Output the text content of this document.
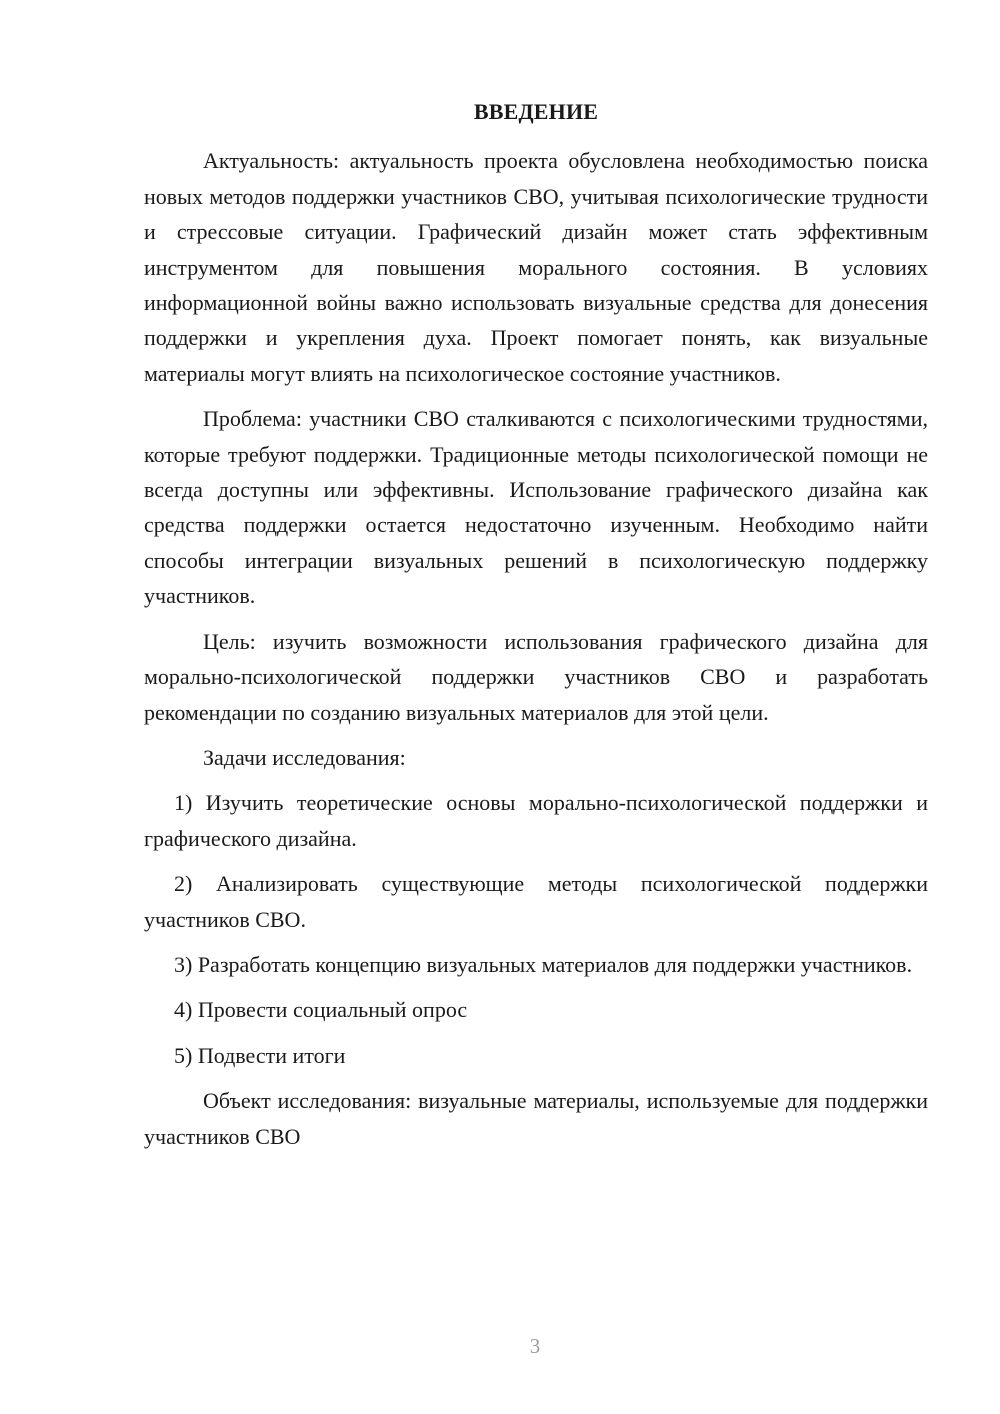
ВВЕДЕНИЕ

Актуальность: актуальность проекта обусловлена необходимостью поиска новых методов поддержки участников СВО, учитывая психологические трудности и стрессовые ситуации. Графический дизайн может стать эффективным инструментом для повышения морального состояния. В условиях информационной войны важно использовать визуальные средства для донесения поддержки и укрепления духа. Проект помогает понять, как визуальные материалы могут влиять на психологическое состояние участников.

Проблема: участники СВО сталкиваются с психологическими трудностями, которые требуют поддержки. Традиционные методы психологической помощи не всегда доступны или эффективны. Использование графического дизайна как средства поддержки остается недостаточно изученным. Необходимо найти способы интеграции визуальных решений в психологическую поддержку участников.

Цель: изучить возможности использования графического дизайна для морально-психологической поддержки участников СВО и разработать рекомендации по созданию визуальных материалов для этой цели.

Задачи исследования:

1) Изучить теоретические основы морально-психологической поддержки и графического дизайна.

2) Анализировать существующие методы психологической поддержки участников СВО.

3) Разработать концепцию визуальных материалов для поддержки участников.

4) Провести социальный опрос

5) Подвести итоги

Объект исследования: визуальные материалы, используемые для поддержки участников СВО

3
